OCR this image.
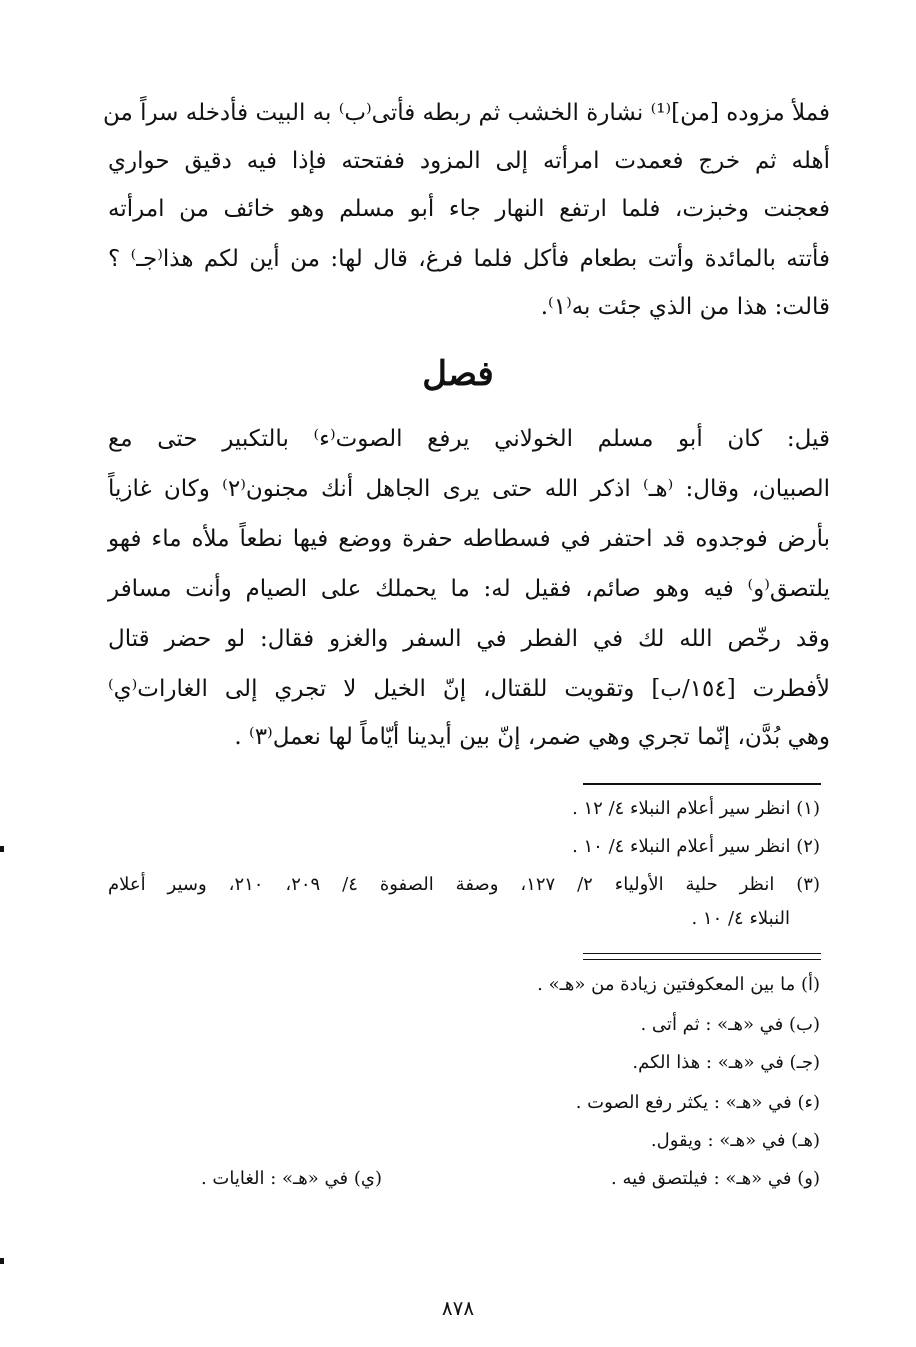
فملأ مزوده [من]⁽¹⁾ نشارة الخشب ثم ربطه فأتى⁽ب⁾ به البيت فأدخله سراً من
أهله ثم خرج فعمدت امرأته إلى المزود ففتحته فإذا فيه دقيق حواري
فعجنت وخبزت، فلما ارتفع النهار جاء أبو مسلم وهو خائف من امرأته
فأتته بالمائدة وأتت بطعام فأكل فلما فرغ، قال لها: من أين لكم هذا⁽جـ⁾ ؟
قالت: هذا من الذي جئت به⁽١⁾.
فصل
قيل: كان أبو مسلم الخولاني يرفع الصوت⁽ء⁾ بالتكبير حتى مع
الصبيان، وقال: ⁽هـ⁾ اذكر الله حتى يرى الجاهل أنك مجنون⁽٢⁾ وكان غازياً
بأرض فوجدوه قد احتفر في فسطاطه حفرة ووضع فيها نطعاً ملأه ماء فهو
يلتصق⁽و⁾ فيه وهو صائم، فقيل له: ما يحملك على الصيام وأنت مسافر
وقد رخّص الله لك في الفطر في السفر والغزو فقال: لو حضر قتال
لأفطرت [١٥٤/ب] وتقويت للقتال، إنّ الخيل لا تجري إلى الغارات⁽ي⁾
وهي بُدَّن، إنّما تجري وهي ضمر، إنّ بين أيدينا أيّاماً لها نعمل⁽٣⁾ .
(١) انظر سير أعلام النبلاء ٤/ ١٢ .
(٢) انظر سير أعلام النبلاء ٤/ ١٠ .
(٣) انظر حلية الأولياء ٢/ ١٢٧، وصفة الصفوة ٤/ ٢٠٩، ٢١٠، وسير أعلام
النبلاء ٤/ ١٠ .
(أ) ما بين المعكوفتين زيادة من «هـ» .
(ب) في «هـ» : ثم أتى .
(جـ) في «هـ» : هذا الكم.
(ء) في «هـ» : يكثر رفع الصوت .
(هـ) في «هـ» : ويقول.
(و) في «هـ» : فيلتصق فيه .
(ي) في «هـ» : الغايات .
٨٧٨
